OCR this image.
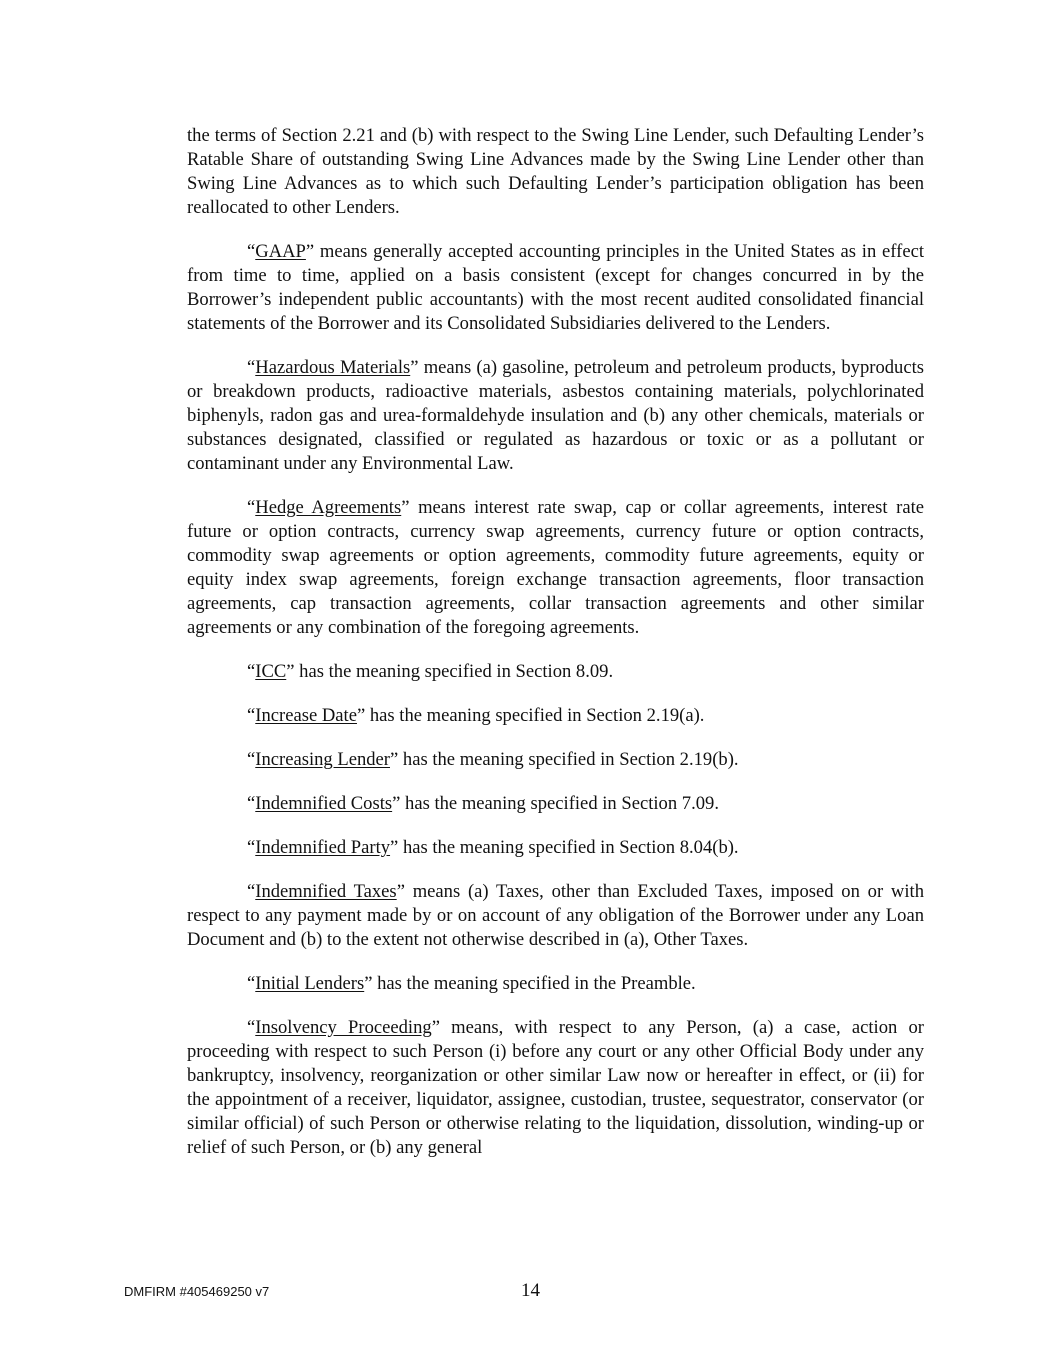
the terms of Section 2.21 and (b) with respect to the Swing Line Lender, such Defaulting Lender’s Ratable Share of outstanding Swing Line Advances made by the Swing Line Lender other than Swing Line Advances as to which such Defaulting Lender’s participation obligation has been reallocated to other Lenders.

“GAAP” means generally accepted accounting principles in the United States as in effect from time to time, applied on a basis consistent (except for changes concurred in by the Borrower’s independent public accountants) with the most recent audited consolidated financial statements of the Borrower and its Consolidated Subsidiaries delivered to the Lenders.

“Hazardous Materials” means (a) gasoline, petroleum and petroleum products, byproducts or breakdown products, radioactive materials, asbestos containing materials, polychlorinated biphenyls, radon gas and urea-formaldehyde insulation and (b) any other chemicals, materials or substances designated, classified or regulated as hazardous or toxic or as a pollutant or contaminant under any Environmental Law.

“Hedge Agreements” means interest rate swap, cap or collar agreements, interest rate future or option contracts, currency swap agreements, currency future or option contracts, commodity swap agreements or option agreements, commodity future agreements, equity or equity index swap agreements, foreign exchange transaction agreements, floor transaction agreements, cap transaction agreements, collar transaction agreements and other similar agreements or any combination of the foregoing agreements.

“ICC” has the meaning specified in Section 8.09.

“Increase Date” has the meaning specified in Section 2.19(a).

“Increasing Lender” has the meaning specified in Section 2.19(b).

“Indemnified Costs” has the meaning specified in Section 7.09.

“Indemnified Party” has the meaning specified in Section 8.04(b).

“Indemnified Taxes” means (a) Taxes, other than Excluded Taxes, imposed on or with respect to any payment made by or on account of any obligation of the Borrower under any Loan Document and (b) to the extent not otherwise described in (a), Other Taxes.

“Initial Lenders” has the meaning specified in the Preamble.

“Insolvency Proceeding” means, with respect to any Person, (a) a case, action or proceeding with respect to such Person (i) before any court or any other Official Body under any bankruptcy, insolvency, reorganization or other similar Law now or hereafter in effect, or (ii) for the appointment of a receiver, liquidator, assignee, custodian, trustee, sequestrator, conservator (or similar official) of such Person or otherwise relating to the liquidation, dissolution, winding-up or relief of such Person, or (b) any general

DMFIRM #405469250 v7	14
